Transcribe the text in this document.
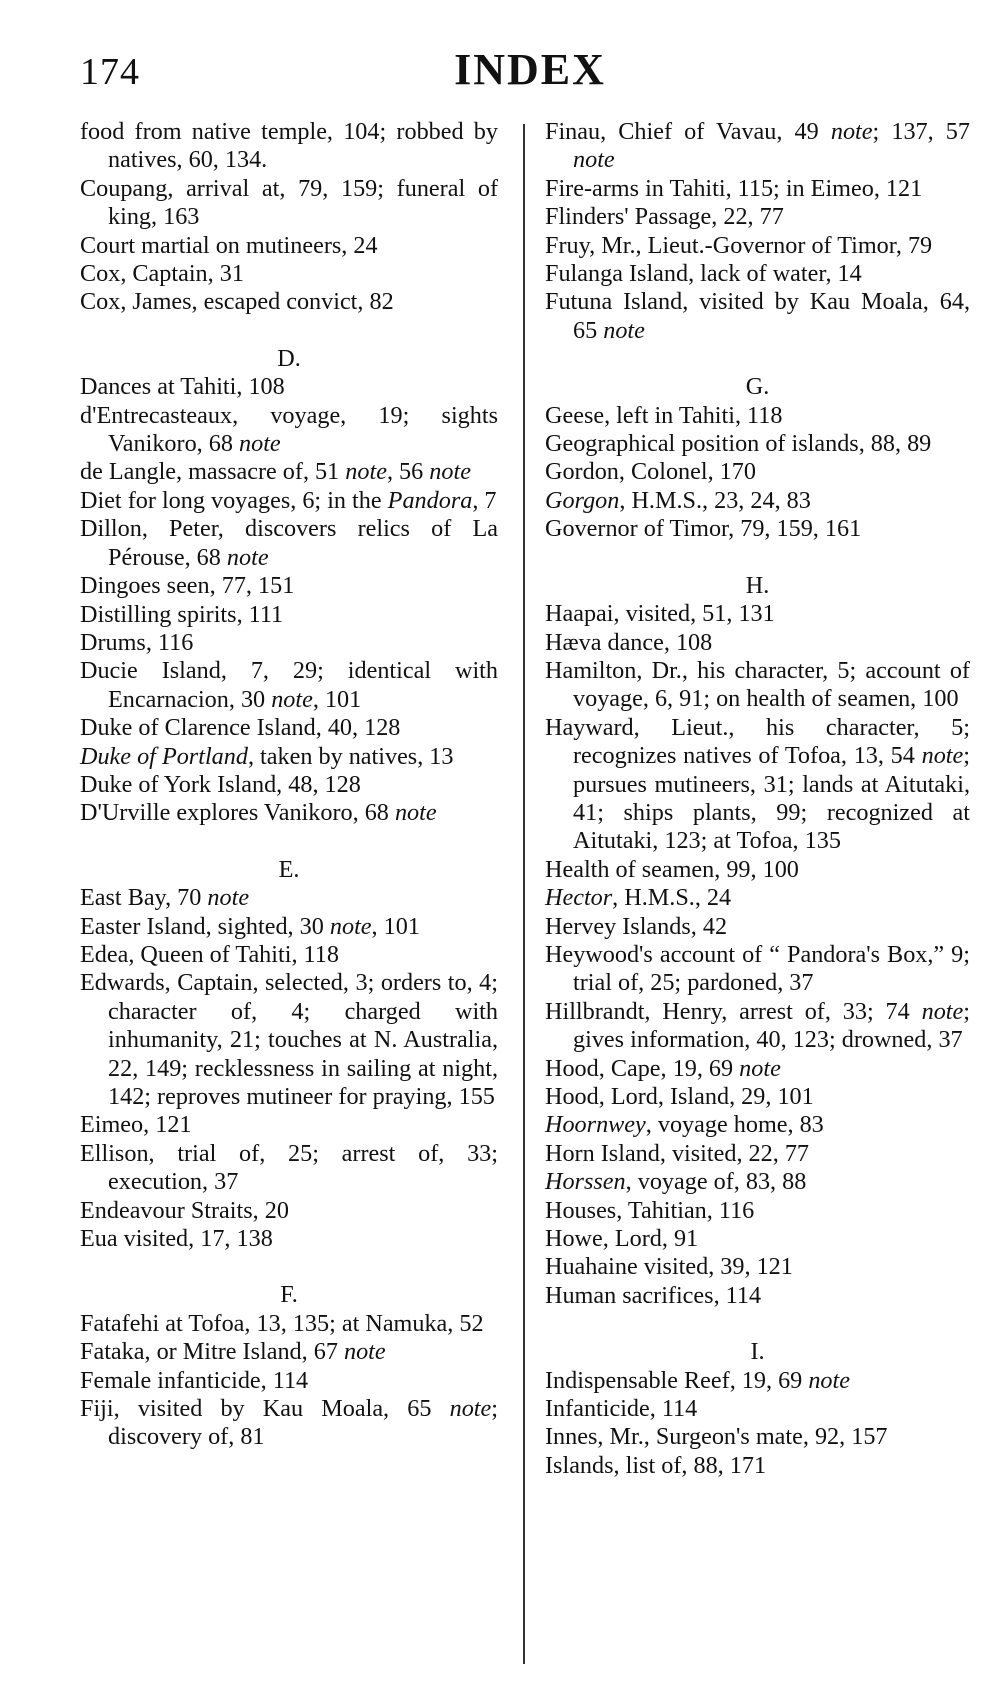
174	INDEX
food from native temple, 104; robbed by natives, 60, 134.
Coupang, arrival at, 79, 159; funeral of king, 163
Court martial on mutineers, 24
Cox, Captain, 31
Cox, James, escaped convict, 82
D.
Dances at Tahiti, 108
d'Entrecasteaux, voyage, 19; sights Vanikoro, 68 note
de Langle, massacre of, 51 note, 56 note
Diet for long voyages, 6; in the Pandora, 7
Dillon, Peter, discovers relics of La Pérouse, 68 note
Dingoes seen, 77, 151
Distilling spirits, 111
Drums, 116
Ducie Island, 7, 29; identical with Encarnacion, 30 note, 101
Duke of Clarence Island, 40, 128
Duke of Portland, taken by natives, 13
Duke of York Island, 48, 128
D'Urville explores Vanikoro, 68 note
E.
East Bay, 70 note
Easter Island, sighted, 30 note, 101
Edea, Queen of Tahiti, 118
Edwards, Captain, selected, 3; orders to, 4; character of, 4; charged with inhumanity, 21; touches at N. Australia, 22, 149; recklessness in sailing at night, 142; reproves mutineer for praying, 155
Eimeo, 121
Ellison, trial of, 25; arrest of, 33; execution, 37
Endeavour Straits, 20
Eua visited, 17, 138
F.
Fatafehi at Tofoa, 13, 135; at Namuka, 52
Fataka, or Mitre Island, 67 note
Female infanticide, 114
Fiji, visited by Kau Moala, 65 note; discovery of, 81
Finau, Chief of Vavau, 49 note; 137, 57 note
Fire-arms in Tahiti, 115; in Eimeo, 121
Flinders' Passage, 22, 77
Fruy, Mr., Lieut.-Governor of Timor, 79
Fulanga Island, lack of water, 14
Futuna Island, visited by Kau Moala, 64, 65 note
G.
Geese, left in Tahiti, 118
Geographical position of islands, 88, 89
Gordon, Colonel, 170
Gorgon, H.M.S., 23, 24, 83
Governor of Timor, 79, 159, 161
H.
Haapai, visited, 51, 131
Hæva dance, 108
Hamilton, Dr., his character, 5; account of voyage, 6, 91; on health of seamen, 100
Hayward, Lieut., his character, 5; recognizes natives of Tofoa, 13, 54 note; pursues mutineers, 31; lands at Aitutaki, 41; ships plants, 99; recognized at Aitutaki, 123; at Tofoa, 135
Health of seamen, 99, 100
Hector, H.M.S., 24
Hervey Islands, 42
Heywood's account of “ Pandora's Box,” 9; trial of, 25; pardoned, 37
Hillbrandt, Henry, arrest of, 33; 74 note; gives information, 40, 123; drowned, 37
Hood, Cape, 19, 69 note
Hood, Lord, Island, 29, 101
Hoornwey, voyage home, 83
Horn Island, visited, 22, 77
Horssen, voyage of, 83, 88
Houses, Tahitian, 116
Howe, Lord, 91
Huahaine visited, 39, 121
Human sacrifices, 114
I.
Indispensable Reef, 19, 69 note
Infanticide, 114
Innes, Mr., Surgeon's mate, 92, 157
Islands, list of, 88, 171
